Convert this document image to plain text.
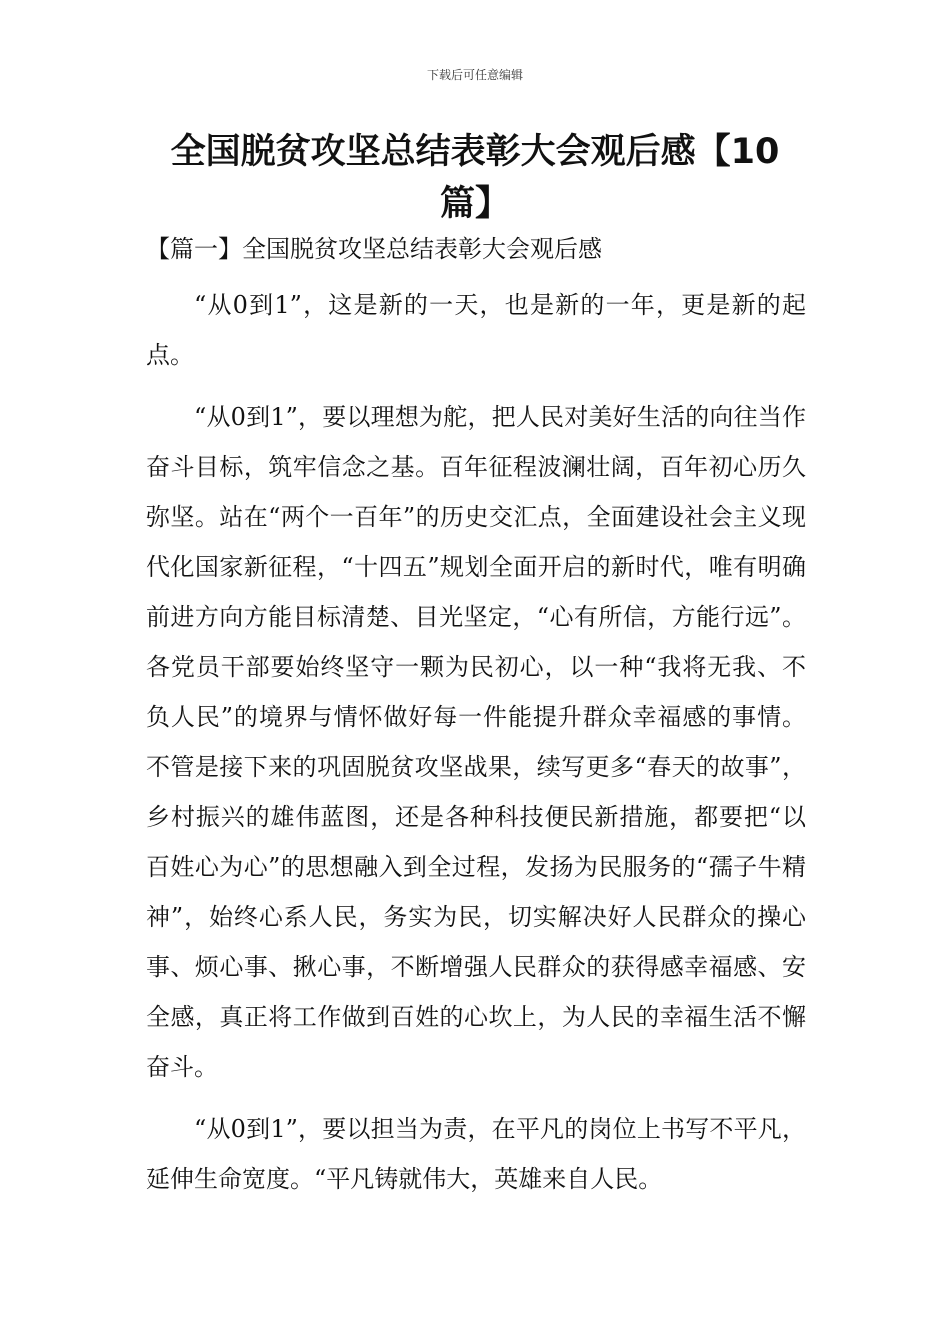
下载后可任意编辑
全国脱贫攻坚总结表彰大会观后感【10篇】
【篇一】全国脱贫攻坚总结表彰大会观后感

“从0到1”，这是新的一天，也是新的一年，更是新的起点。

“从0到1”，要以理想为舵，把人民对美好生活的向往当作奋斗目标，筑牢信念之基。百年征程波澜壮阔，百年初心历久弥坚。站在“两个一百年”的历史交汇点，全面建设社会主义现代化国家新征程，“十四五”规划全面开启的新时代，唯有明确前进方向方能目标清楚、目光坚定，“心有所信，方能行远”。各党员干部要始终坚守一颗为民初心，以一种“我将无我、不负人民”的境界与情怀做好每一件能提升群众幸福感的事情。不管是接下来的巩固脱贫攻坚战果，续写更多“春天的故事”，乡村振兴的雄伟蓝图，还是各种科技便民新措施，都要把“以百姓心为心”的思想融入到全过程，发扬为民服务的“孺子牛精神”，始终心系人民，务实为民，切实解决好人民群众的操心事、烦心事、揪心事，不断增强人民群众的获得感幸福感、安全感，真正将工作做到百姓的心坎上，为人民的幸福生活不懈奋斗。

“从0到1”，要以担当为责，在平凡的岗位上书写不平凡，延伸生命宽度。“平凡铸就伟大，英雄来自人民。
